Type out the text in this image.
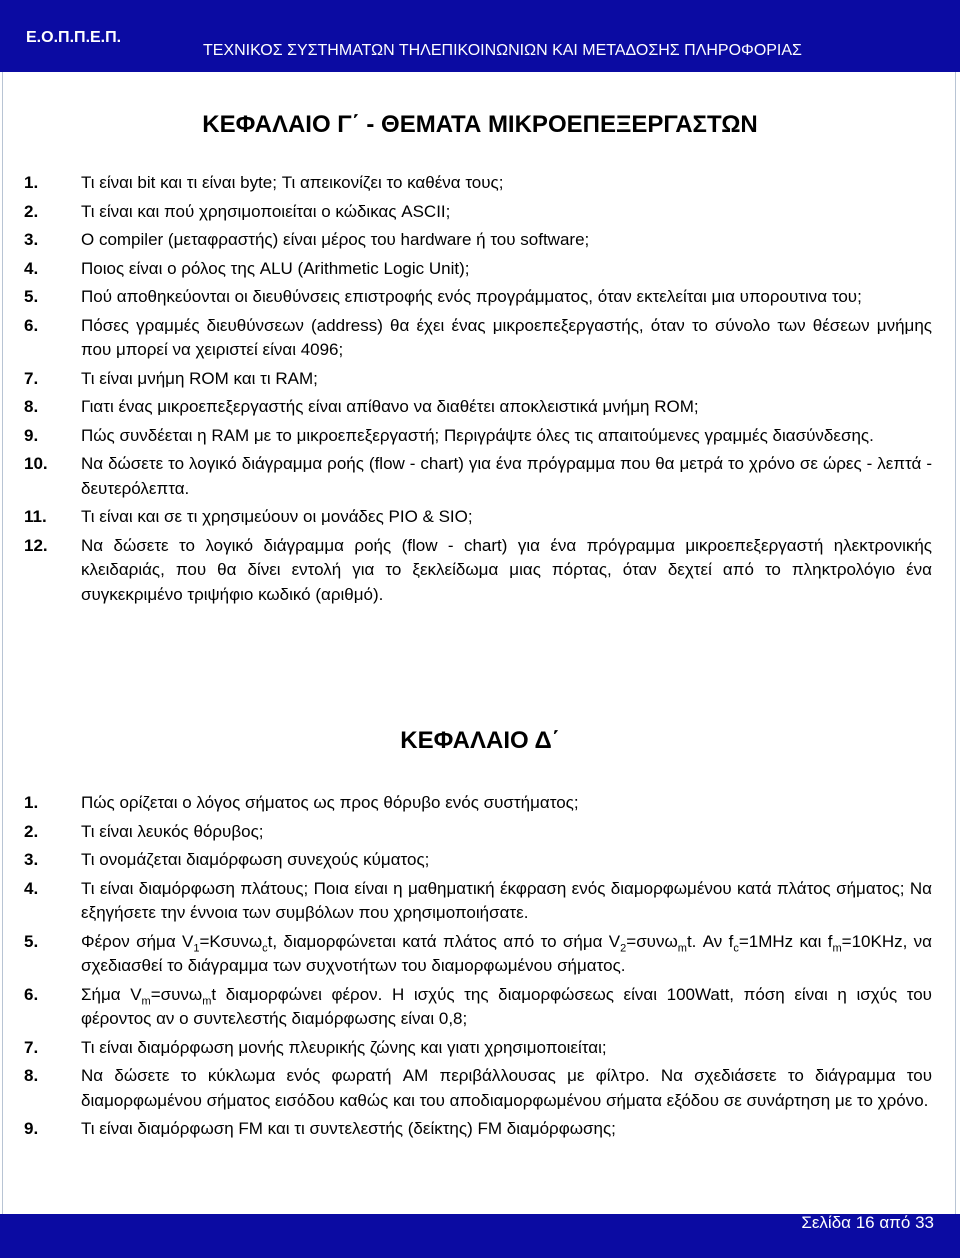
Ε.Ο.Π.Π.Ε.Π.
ΤΕΧΝΙΚΟΣ ΣΥΣΤΗΜΑΤΩΝ ΤΗΛΕΠΙΚΟΙΝΩΝΙΩΝ ΚΑΙ ΜΕΤΑΔΟΣΗΣ ΠΛΗΡΟΦΟΡΙΑΣ
ΚΕΦΑΛΑΙΟ Γ΄ - ΘΕΜΑΤΑ ΜΙΚΡΟΕΠΕΞΕΡΓΑΣΤΩΝ
1.	Τι είναι bit και τι είναι byte; Τι απεικονίζει το καθένα τους;
2.	Τι είναι και πού χρησιμοποιείται ο κώδικας ASCII;
3.	Ο compiler (μεταφραστής) είναι μέρος του hardware ή του software;
4.	Ποιος είναι ο ρόλος της ALU (Arithmetic Logic Unit);
5.	Πού αποθηκεύονται οι διευθύνσεις επιστροφής ενός προγράμματος, όταν εκτελείται μια υπορουτινα του;
6.	Πόσες γραμμές διευθύνσεων (address) θα έχει ένας μικροεπεξεργαστής, όταν το σύνολο των θέσεων μνήμης που μπορεί να χειριστεί είναι 4096;
7.	Τι είναι μνήμη ROM και τι RAM;
8.	Γιατι ένας μικροεπεξεργαστής είναι απίθανο να διαθέτει αποκλειστικά μνήμη ROM;
9.	Πώς συνδέεται η RAM με το μικροεπεξεργαστή; Περιγράψτε όλες τις απαιτούμενες γραμμές διασύνδεσης.
10. Να δώσετε το λογικό διάγραμμα ροής (flow - chart) για ένα πρόγραμμα που θα μετρά το χρόνο σε ώρες - λεπτά - δευτερόλεπτα.
11. Τι είναι και σε τι χρησιμεύουν οι μονάδες PIO & SIO;
12. Να δώσετε το λογικό διάγραμμα ροής (flow - chart) για ένα πρόγραμμα μικροεπεξεργαστή ηλεκτρονικής κλειδαριάς, που θα δίνει εντολή για το ξεκλείδωμα μιας πόρτας, όταν δεχτεί από το πληκτρολόγιο ένα συγκεκριμένο τριψήφιο κωδικό (αριθμό).
ΚΕΦΑΛΑΙΟ Δ΄
1.	Πώς ορίζεται ο λόγος σήματος ως προς θόρυβο ενός συστήματος;
2.	Τι είναι λευκός θόρυβος;
3.	Τι ονομάζεται διαμόρφωση συνεχούς κύματος;
4.	Τι είναι διαμόρφωση πλάτους; Ποια είναι η μαθηματική έκφραση ενός διαμορφωμένου κατά πλάτος σήματος; Να εξηγήσετε την έννοια των συμβόλων που χρησιμοποιήσατε.
5.	Φέρον σήμα $V_1=K\sigma\upsilon\nu\omega_ct$, διαμορφώνεται κατά πλάτος από το σήμα $V_2=\sigma\upsilon\nu\omega_mt$. Αν $f_c=1MHz$ και $f_m=10KHz$, να σχεδιασθεί το διάγραμμα των συχνοτήτων του διαμορφωμένου σήματος.
6.	Σήμα $V_m=\sigma\upsilon\nu\omega_mt$ διαμορφώνει φέρον. Η ισχύς της διαμορφώσεως είναι 100Watt, πόση είναι η ισχύς του φέροντος αν ο συντελεστής διαμόρφωσης είναι 0,8;
7.	Τι είναι διαμόρφωση μονής πλευρικής ζώνης και γιατι χρησιμοποιείται;
8.	Να δώσετε το κύκλωμα ενός φωρατή AM περιβάλλουσας με φίλτρο. Να σχεδιάσετε το διάγραμμα του διαμορφωμένου σήματος εισόδου καθώς και του αποδιαμορφωμένου σήματα εξόδου σε συνάρτηση με το χρόνο.
9.	Τι είναι διαμόρφωση FM και τι συντελεστής (δείκτης) FM διαμόρφωσης;
Σελίδα 16 από 33
